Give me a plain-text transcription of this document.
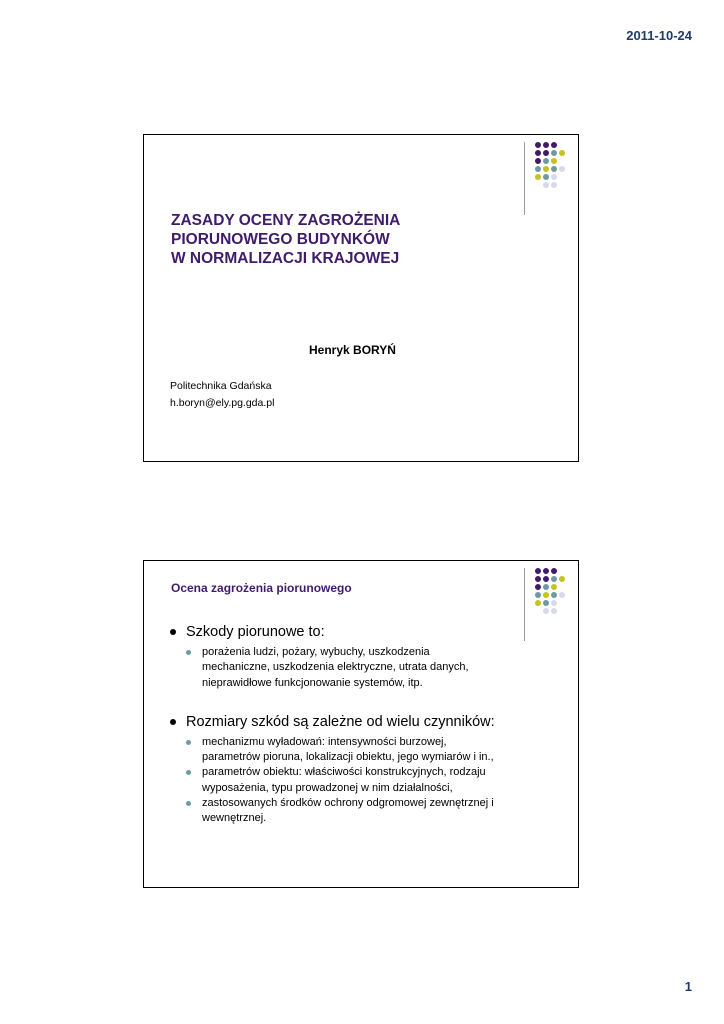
2011-10-24
ZASADY OCENY ZAGROŻENIA
PIORUNOWEGO BUDYNKÓW
W NORMALIZACJI KRAJOWEJ
Henryk BORYŃ
Politechnika Gdańska
h.boryn@ely.pg.gda.pl
Ocena zagrożenia piorunowego

Szkody piorunowe to:

porażenia ludzi, pożary, wybuchy, uszkodzenia
mechaniczne, uszkodzenia elektryczne, utrata danych,
nieprawidłowe funkcjonowanie systemów, itp.

Rozmiary szkód są zależne od wielu czynników:

mechanizmu wyładowań: intensywności burzowej,
parametrów pioruna, lokalizacji obiektu, jego wymiarów i in.,
parametrów obiektu: właściwości konstrukcyjnych, rodzaju
wyposażenia, typu prowadzonej w nim działalności,
zastosowanych środków ochrony odgromowej zewnętrznej i
wewnętrznej.
1
